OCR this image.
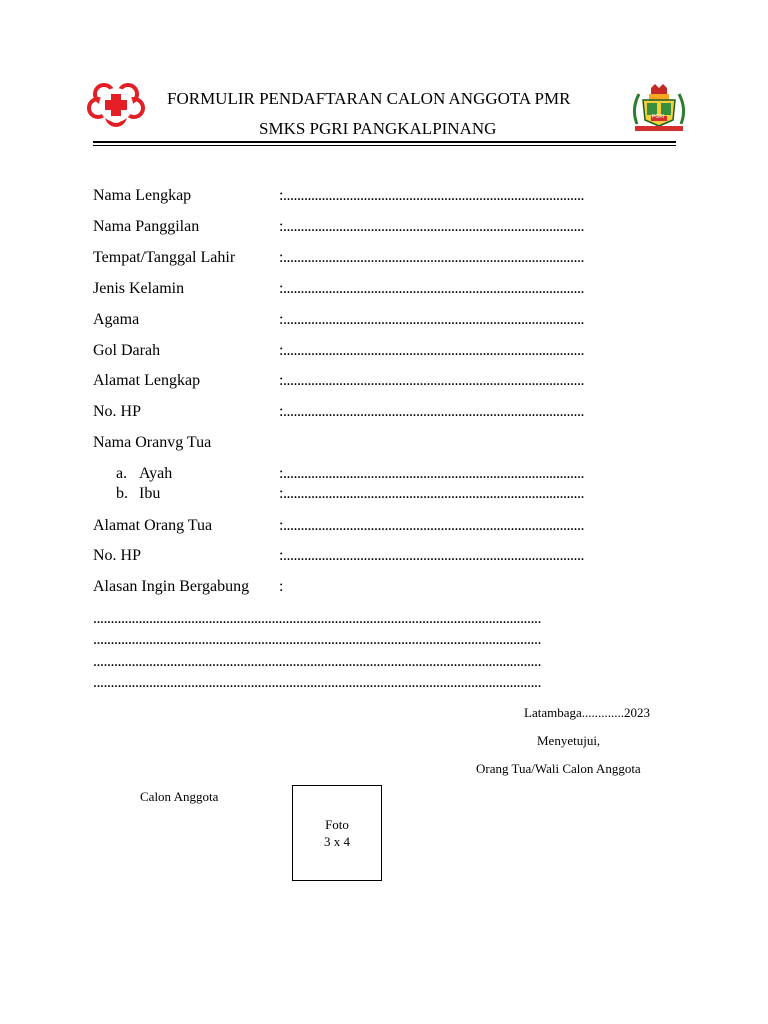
PGRI
FORMULIR PENDAFTARAN CALON ANGGOTA PMR
SMKS PGRI PANGKALPINANG
Nama Lengkap	:......................................................................................
Nama Panggilan	:......................................................................................
Tempat/Tanggal Lahir	:......................................................................................
Jenis Kelamin	:......................................................................................
Agama	:......................................................................................
Gol Darah	:......................................................................................
Alamat Lengkap	:......................................................................................
No. HP	:......................................................................................
Nama Oranvg Tua
a. Ayah	:......................................................................................
b. Ibu	:......................................................................................
Alamat Orang Tua	:......................................................................................
No. HP	:......................................................................................
Alasan Ingin Bergabung :
................................................................................................................................
................................................................................................................................
................................................................................................................................
................................................................................................................................
Latambaga.............2023
Menyetujui,
Orang Tua/Wali Calon Anggota
Calon Anggota
Foto
3 x 4
